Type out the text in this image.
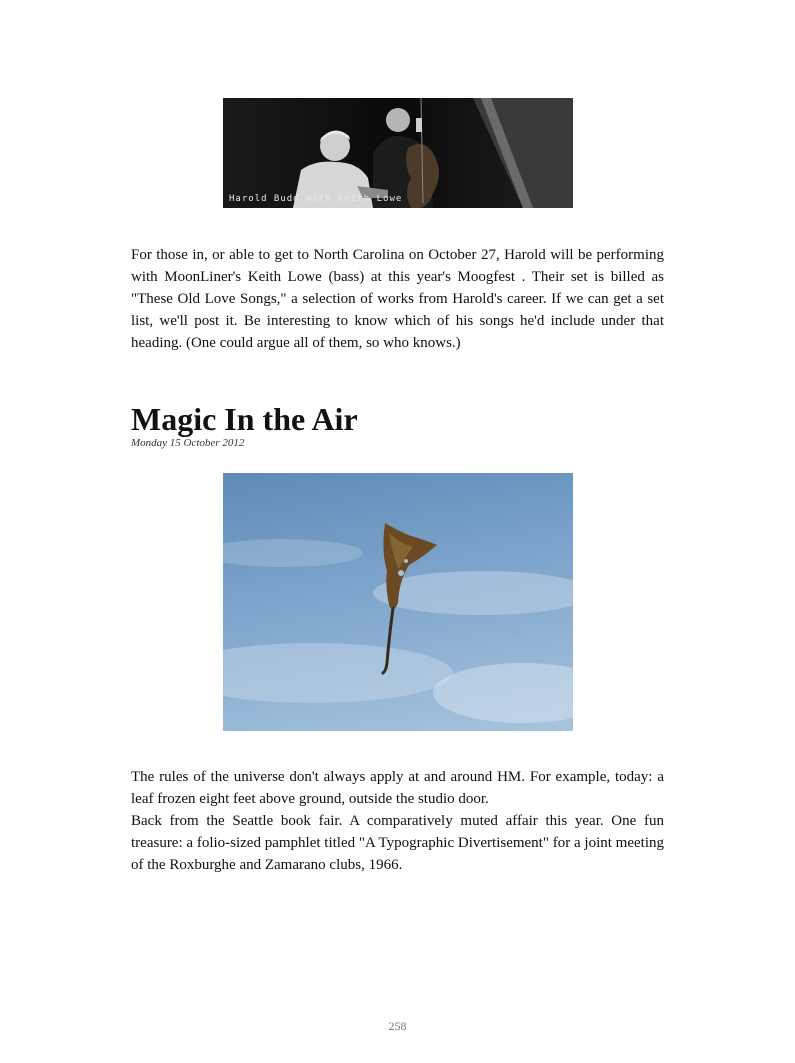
Harold Budd with Keith Lowe

For those in, or able to get to North Carolina on October 27, Harold will be performing with MoonLiner's Keith Lowe (bass) at this year's Moogfest . Their set is billed as "These Old Love Songs," a selection of works from Harold's career. If we can get a set list, we'll post it. Be interesting to know which of his songs he'd include under that heading. (One could argue all of them, so who knows.)

Magic In the Air
Monday 15 October 2012
The rules of the universe don't always apply at and around HM. For example, today: a leaf frozen eight feet above ground, outside the studio door.
Back from the Seattle book fair. A comparatively muted affair this year. One fun treasure: a folio-sized pamphlet titled "A Typographic Divertisement" for a joint meeting of the Roxburghe and Zamarano clubs, 1966.
258
